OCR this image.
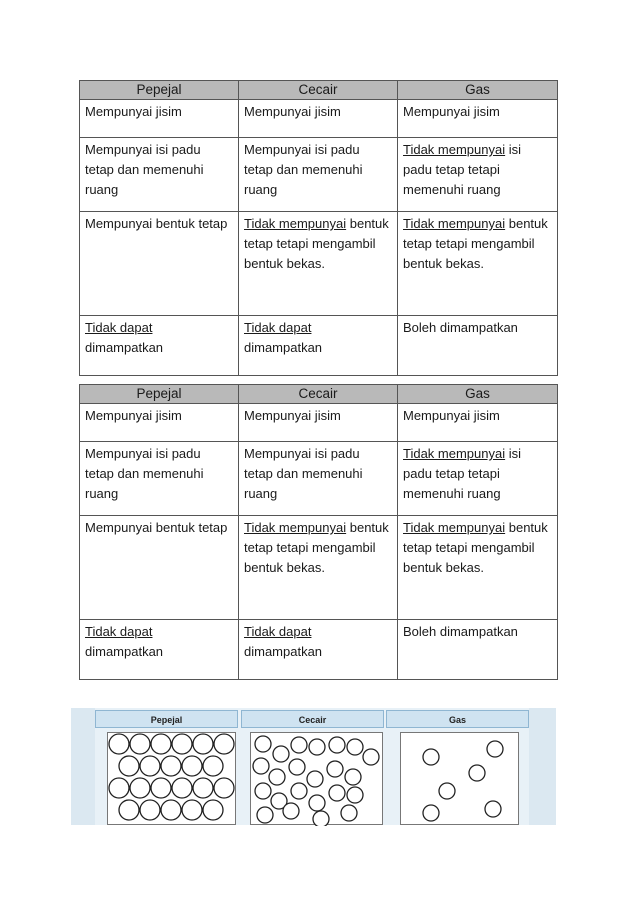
Pepejal	Cecair	Gas
Mempunyai jisim	Mempunyai jisim	Mempunyai jisim
Mempunyai isi padu tetap dan memenuhi ruang	Mempunyai isi padu tetap dan memenuhi ruang	Tidak mempunyai isi padu tetap tetapi memenuhi ruang
Mempunyai bentuk tetap	Tidak mempunyai bentuk tetap tetapi mengambil bentuk bekas.	Tidak mempunyai bentuk tetap tetapi mengambil bentuk bekas.
Tidak dapat dimampatkan	Tidak dapat dimampatkan	Boleh dimampatkan
Pepejal	Cecair	Gas
Mempunyai jisim	Mempunyai jisim	Mempunyai jisim
Mempunyai isi padu tetap dan memenuhi ruang	Mempunyai isi padu tetap dan memenuhi ruang	Tidak mempunyai isi padu tetap tetapi memenuhi ruang
Mempunyai bentuk tetap	Tidak mempunyai bentuk tetap tetapi mengambil bentuk bekas.	Tidak mempunyai bentuk tetap tetapi mengambil bentuk bekas.
Tidak dapat dimampatkan	Tidak dapat dimampatkan	Boleh dimampatkan
Pepejal	Cecair	Gas
